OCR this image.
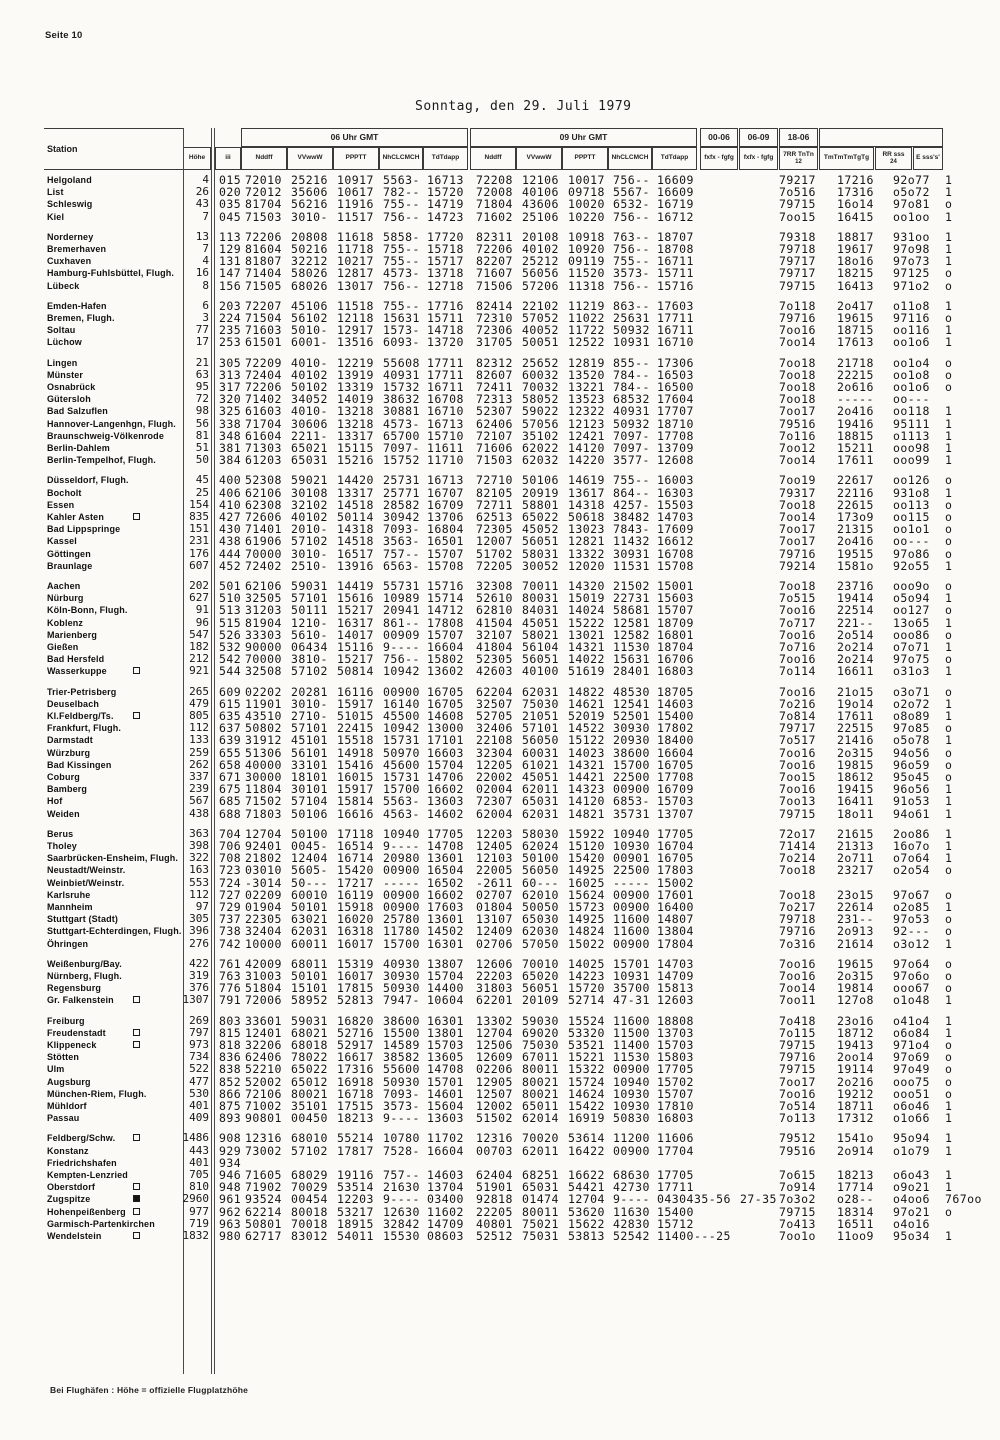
Seite 10
Sonntag, den 29. Juli 1979
Station
06 Uhr GMT	09 Uhr GMT
Höhe	iii	Nddff	VVwwW	PPPTT NhCLCMCH TdTdapp	Nddff	VVwwW	PPPTT NhCLCMCH TdTdapp
00-06 06-09 18-06
fxfx - fgfg fxfx - fgfg 7RR TnTn
12
TmTmTmTgTg RR sss
24
E sss's'
Helgoland	4 015 72010 25216 10917 5563- 16713 72208 12106 10017 756-- 16609	79217 17216 92o77 1
List	26 020 72012 35606 10617 782-- 15720 72008 40106 09718 5567- 16609	7o516 17316 o5o72 1
Schleswig	43 035 81704 56216 11916 755-- 14719 71804 43606 10020 6532- 16719	79715 16o14 97o81 o
Kiel	7 045 71503 3010- 11517 756-- 14723 71602 25106 10220 756-- 16712	7oo15 16415 oo1oo 1
Norderney	13 113 72206 20808 11618 5858- 17720 82311 20108 10918 763-- 18707	79318 18817 931oo 1
Bremerhaven	7 129 81604 50216 11718 755-- 15718 72206 40102 10920 756-- 18708	79718 19617 97o98 1
Cuxhaven	4 131 81807 32212 10217 755-- 15717 82207 25212 09119 755-- 16711	79717 18o16 97o73 1
Hamburg-Fuhlsbüttel, Flugh.	16 147 71404 58026 12817 4573- 13718 71607 56056 11520 3573- 15711	79717 18215 97125 o
Lübeck	8 156 71505 68026 13017 756-- 12718 71506 57206 11318 756-- 15716	79715 16413 971o2 o
Emden-Hafen	6 203 72207 45106 11518 755-- 17716 82414 22102 11219 863-- 17603	7o118 2o417 o11o8 1
Bremen, Flugh.	3 224 71504 56102 12118 15631 15711 72310 57052 11022 25631 17711	79716 19615 97116 o
Soltau	77 235 71603 5010- 12917 1573- 14718 72306 40052 11722 50932 16711	7oo16 18715 oo116 1
Lüchow	17 253 61501 6001- 13516 6093- 13720 31705 50051 12522 10931 16710	7oo14 17613 oo1o6 1
Lingen	21 305 72209 4010- 12219 55608 17711 82312 25652 12819 855-- 17306	7oo18 21718 oo1o4 o
Münster	63 313 72404 40102 13919 40931 17711 82607 60032 13520 784-- 16503	7oo18 22215 oo1o8 o
Osnabrück	95 317 72206 50102 13319 15732 16711 72411 70032 13221 784-- 16500	7oo18 2o616 oo1o6 o
Gütersloh	72 320 71402 34052 14019 38632 16708 72313 58052 13523 68532 17604	7oo18 ----- oo---
Bad Salzuflen	98 325 61603 4010- 13218 30881 16710 52307 59022 12322 40931 17707	7oo17 2o416 oo118 1
Hannover-Langenhgn, Flugh.	56 338 71704 30606 13218 4573- 16713 62406 57056 12123 50932 18710	79516 19416 95111 1
Braunschweig-Völkenrode	81 348 61604 2211- 13317 65700 15710 72107 35102 12421 7097- 17708	7o116 18815 o1113 1
Berlin-Dahlem	51 381 71303 65021 15115 7097- 11611 71606 62022 14120 7097- 13709	7oo12 15211 ooo98 1
Berlin-Tempelhof, Flugh.	50 384 61203 65031 15216 15752 11710 71503 62032 14220 3577- 12608	7oo14 17611 ooo99 1
Düsseldorf, Flugh.	45 400 52308 59021 14420 25731 16713 72710 50106 14619 755-- 16003	7oo19 22617 oo126 o
Bocholt	25 406 62106 30108 13317 25771 16707 82105 20919 13617 864-- 16303	79317 22116 931o8 1
Essen	154 410 62308 32102 14518 28582 16709 72711 58801 14318 4257- 15503	7oo18 22615 oo113 o
Kahler Asten	835 427 72606 40102 50114 30942 13706 62513 65022 50618 38482 14703	7oo14 173o9 oo115 o
Bad Lippspringe	151 430 71401 2010- 14318 7093- 16804 72305 45052 13023 7843- 17609	7oo17 21315 oo1o1 o
Kassel	231 438 61906 57102 14518 3563- 16501 12007 56051 12821 11432 16612	7oo17 2o416 oo--- o
Göttingen	176 444 70000 3010- 16517 757-- 15707 51702 58031 13322 30931 16708	79716 19515 97o86 o
Braunlage	607 452 72402 2510- 13916 6563- 15708 72205 30052 12020 11531 15708	79214 1581o 92o55 1
Aachen	202 501 62106 59031 14419 55731 15716 32308 70011 14320 21502 15001	7oo18 23716 ooo9o o
Nürburg	627 510 32505 57101 15616 10989 15714 52610 80031 15019 22731 15603	7o515 19414 o5o94 1
Köln-Bonn, Flugh.	91 513 31203 50111 15217 20941 14712 62810 84031 14024 58681 15707	7oo16 22514 oo127 o
Koblenz	96 515 81904 1210- 16317 861-- 17808 41504 45051 15222 12581 18709	7o717 221-- 13o65 1
Marienberg	547 526 33303 5610- 14017 00909 15707 32107 58021 13021 12582 16801	7oo16 2o514 ooo86 o
Gießen	182 532 90000 06434 15116 9---- 16604 41804 56104 14321 11530 18704	7o716 2o214 o7o71 1
Bad Hersfeld	212 542 70000 3810- 15217 756-- 15802 52305 56051 14022 15631 16706	7oo16 2o214 97o75 o
Wasserkuppe	921 544 32508 57102 50814 10942 13602 42603 40100 51619 28401 16803	7o114 16611 o31o3 1
Trier-Petrisberg	265 609 02202 20281 16116 00900 16705 62204 62031 14822 48530 18705	7oo16 21o15 o3o71 o
Deuselbach	479 615 11901 3010- 15917 16140 16705 32507 75030 14621 12541 14603	7o216 19o14 o2o72 1
Kl.Feldberg/Ts.	805 635 43510 2710- 51015 45500 14608 52705 21051 52019 52501 15400	7o814 17611 o8o89 1
Frankfurt, Flugh.	112 637 50802 57101 22415 10942 13000 32406 57101 14522 30930 17802	79717 22515 97o85 o
Darmstadt	133 639 31912 45101 15518 15731 17101 22108 56050 15122 20930 18400	7o517 21416 o5o78 1
Würzburg	259 655 51306 56101 14918 50970 16603 32304 60031 14023 38600 16604	7oo16 2o315 94o56 o
Bad Kissingen	262 658 40000 33101 15416 45600 15704 12205 61021 14321 15700 16705	7oo16 19815 96o59 o
Coburg	337 671 30000 18101 16015 15731 14706 22002 45051 14421 22500 17708	7oo15 18612 95o45 o
Bamberg	239 675 11804 30101 15917 15700 16602 02004 62011 14323 00900 16709	7oo16 19415 96o56 1
Hof	567 685 71502 57104 15814 5563- 13603 72307 65031 14120 6853- 15703	7oo13 16411 91o53 1
Weiden	438 688 71803 50106 16616 4563- 14602 62004 62031 14821 35731 13707	79715 18o11 94o61 1
Berus	363 704 12704 50100 17118 10940 17705 12203 58030 15922 10940 17705	72o17 21615 2oo86 1
Tholey	398 706 92401 0045- 16514 9---- 14708 12405 62024 15120 10930 16704	71414 21313 16o7o 1
Saarbrücken-Ensheim, Flugh.	322 708 21802 12404 16714 20980 13601 12103 50100 15420 00901 16705	7o214 2o711 o7o64 1
Neustadt/Weinstr.	163 723 03010 5605- 15420 00900 16504 22005 56050 14925 22500 17803	7oo18 23217 o2o54 o
Weinbiet/Weinstr.	553 724 -3014 50--- 17217 ----- 16502 -2611 60--- 16025 ----- 15002
Karlsruhe	112 727 02209 60010 16119 00900 16602 02707 62010 15624 00900 17601	7oo18 23o15 97o67 o
Mannheim	97 729 01904 50101 15918 00900 17603 01804 50050 15723 00900 16400	7o217 22614 o2o85 1
Stuttgart (Stadt)	305 737 22305 63021 16020 25780 13601 13107 65030 14925 11600 14807	79718 231-- 97o53 o
Stuttgart-Echterdingen, Flugh. 396 738 32404 62031 16318 11780 14502 12409 62030 14824 11600 13804	79716 2o913 92--- o
Öhringen	276 742 10000 60011 16017 15700 16301 02706 57050 15022 00900 17804	7o316 21614 o3o12 1
Weißenburg/Bay.	422 761 42009 68011 15319 40930 13807 12606 70010 14025 15701 14703	7oo16 19615 97o64 o
Nürnberg, Flugh.	319 763 31003 50101 16017 30930 15704 22203 65020 14223 10931 14709	7oo16 2o315 97o6o o
Regensburg	376 776 51804 15101 17815 50930 14400 31803 56051 15720 35700 15813	7oo14 19814 ooo67 o
Gr. Falkenstein	1307 791 72006 58952 52813 7947- 10604 62201 20109 52714 47-31 12603	7oo11 127o8 o1o48 1
Freiburg	269 803 33601 59031 16820 38600 16301 13302 59030 15524 11600 18808	7o418 23o16 o41o4 1
Freudenstadt	797 815 12401 68021 52716 15500 13801 12704 69020 53320 11500 13703	7o115 18712 o6o84 1
Klippeneck	973 818 32206 68018 52917 14589 15703 12506 75030 53521 11400 15703	79715 19413 971o4 o
Stötten	734 836 62406 78022 16617 38582 13605 12609 67011 15221 11530 15803	79716 2oo14 97o69 o
Ulm	522 838 52210 65022 17316 55600 14708 02206 80011 15322 00900 17705	79715 19114 97o49 o
Augsburg	477 852 52002 65012 16918 50930 15701 12905 80021 15724 10940 15702	7oo17 2o216 ooo75 o
München-Riem, Flugh.	530 866 72106 80021 16718 7093- 14601 12507 80021 14624 10930 15707	7oo16 19212 ooo51 o
Mühldorf	401 875 71002 35101 17515 3573- 15604 12002 65011 15422 10930 17810	7o514 18711 o6o46 1
Passau	409 893 90801 00450 18213 9---- 13603 51502 62014 16919 50830 16803	7o113 17312 o1o66 1
Feldberg/Schw.	1486 908 12316 68010 55214 10780 11702 12316 70020 53614 11200 11606	79512 1541o 95o94 1
Konstanz	443 929 73002 57102 17817 7528- 16604 00703 62011 16422 00900 17704	79516 2o914 o1o79 1
Friedrichshafen	401 934
Kempten-Lenzried	705 946 71605 68029 19116 757-- 14603 62404 68251 16622 68630 17705	7o615 18213 o6o43 1
Oberstdorf	810 948 71902 70029 53514 21630 13704 51901 65031 54421 42730 17711	7o914 17714 o9o21 1
Zugspitze	2960 961 93524 00454 12203 9---- 03400 92818 01474 12704 9---- 04304 35-56 27-35 7o3o2 o28-- o4oo6 767oo
Hohenpeißenberg	977 962 62214 80018 53217 12630 11602 22205 80011 53620 11630 15400	79715 18314 97o21 o
Garmisch-Partenkirchen	719 963 50801 70018 18915 32842 14709 40801 75021 15622 42830 15712	7o413 16511 o4o16
Wendelstein	1832 980 62717 83012 54011 15530 08603 52512 75031 53813 52542 11400 ---25	7oo1o 11oo9 95o34 1
Bei Flughäfen : Höhe = offizielle Flugplatzhöhe
